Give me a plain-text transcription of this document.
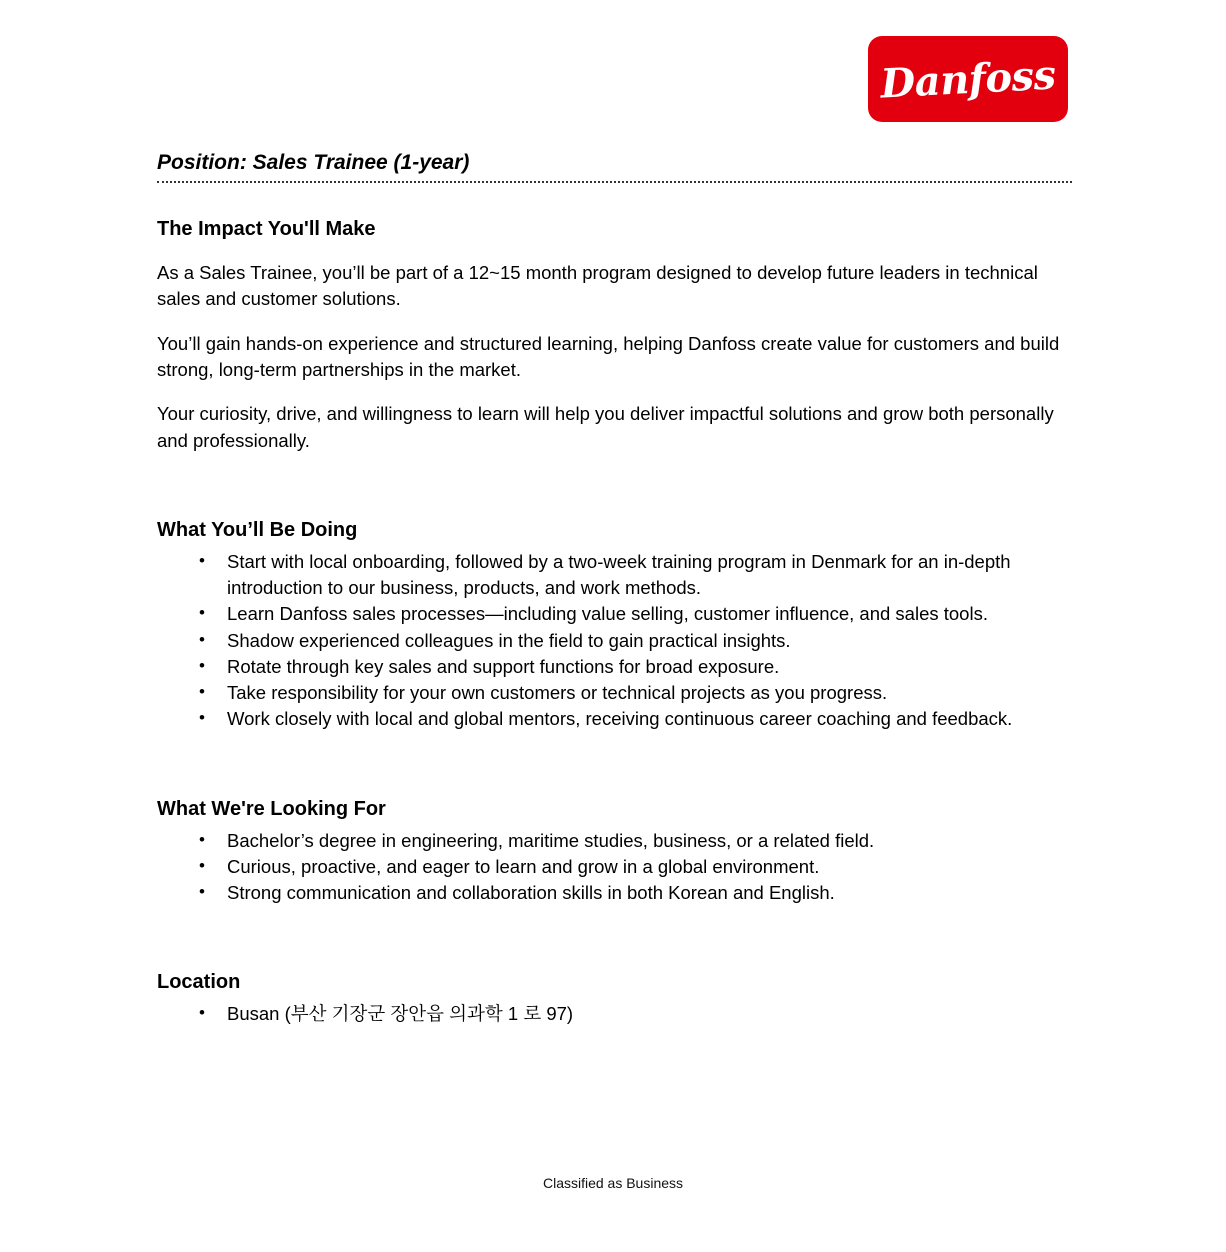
Danfoss
Position: Sales Trainee (1-year)
The Impact You'll Make

As a Sales Trainee, you’ll be part of a 12~15 month program designed to develop future leaders in technical sales and customer solutions.

You’ll gain hands-on experience and structured learning, helping Danfoss create value for customers and build strong, long-term partnerships in the market.

Your curiosity, drive, and willingness to learn will help you deliver impactful solutions and grow both personally and professionally.

What You’ll Be Doing
• Start with local onboarding, followed by a two-week training program in Denmark for an in-depth introduction to our business, products, and work methods.
• Learn Danfoss sales processes—including value selling, customer influence, and sales tools.
• Shadow experienced colleagues in the field to gain practical insights.
• Rotate through key sales and support functions for broad exposure.
• Take responsibility for your own customers or technical projects as you progress.
• Work closely with local and global mentors, receiving continuous career coaching and feedback.
What We're Looking For
• Bachelor’s degree in engineering, maritime studies, business, or a related field.
• Curious, proactive, and eager to learn and grow in a global environment.
• Strong communication and collaboration skills in both Korean and English.
Location
• Busan (부산 기장군 장안읍 의과학 1 로 97)
Classified as Business
